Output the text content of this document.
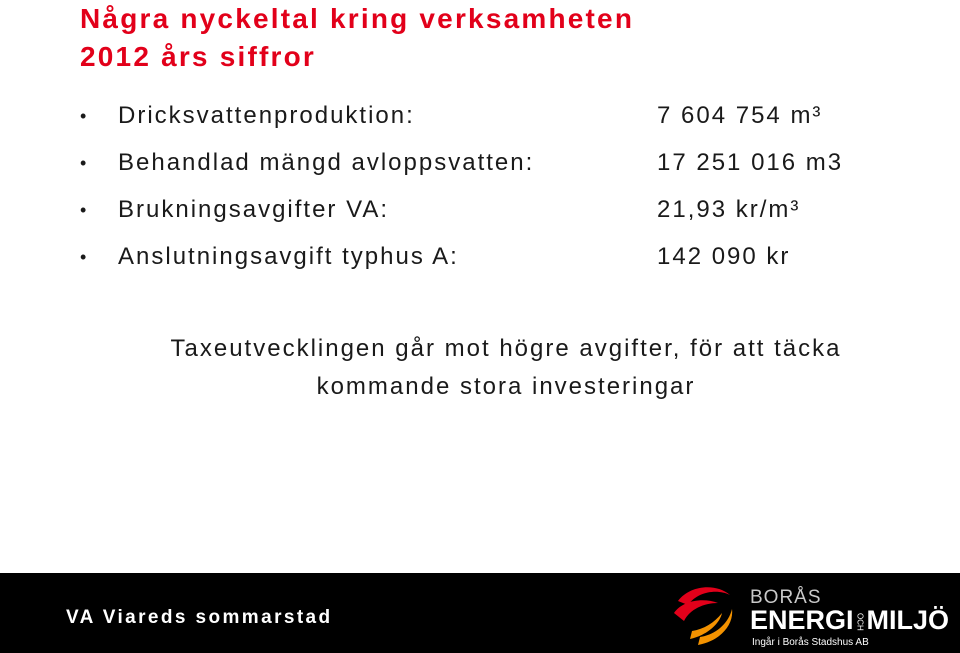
Några nyckeltal kring verksamheten
2012 års siffror
• Dricksvattenproduktion:	7 604 754 m³
• Behandlad mängd avloppsvatten:	17 251 016 m3
• Brukningsavgifter VA:	21,93 kr/m³
• Anslutningsavgift typhus A:	142 090 kr
Taxeutvecklingen går mot högre avgifter, för att täcka
kommande stora investeringar
VA Viareds sommarstad
BORÅS
ENERGI OCHMILJÖ
Ingår i Borås Stadshus AB
